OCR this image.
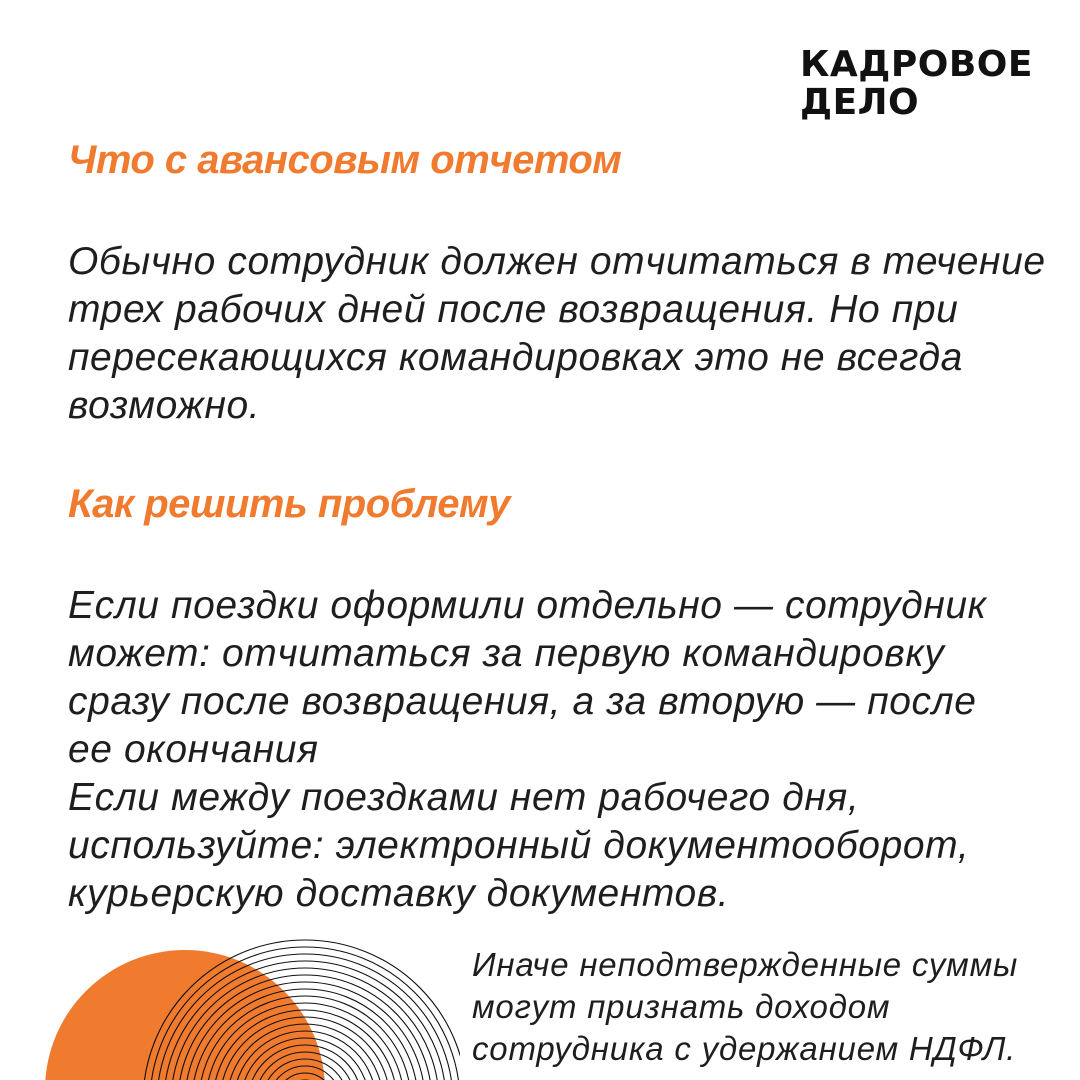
КАДРОВОЕ
ДЕЛО
Что с авансовым отчетом

Обычно сотрудник должен отчитаться в течение
трех рабочих дней после возвращения. Но при
пересекающихся командировках это не всегда
возможно.

Как решить проблему

Если поездки оформили отдельно — сотрудник
может: отчитаться за первую командировку
сразу после возвращения, а за вторую — после
ее окончания
Если между поездками нет рабочего дня,
используйте: электронный документооборот,
курьерскую доставку документов.

Иначе неподтвержденные суммы
могут признать доходом
сотрудника с удержанием НДФЛ.
